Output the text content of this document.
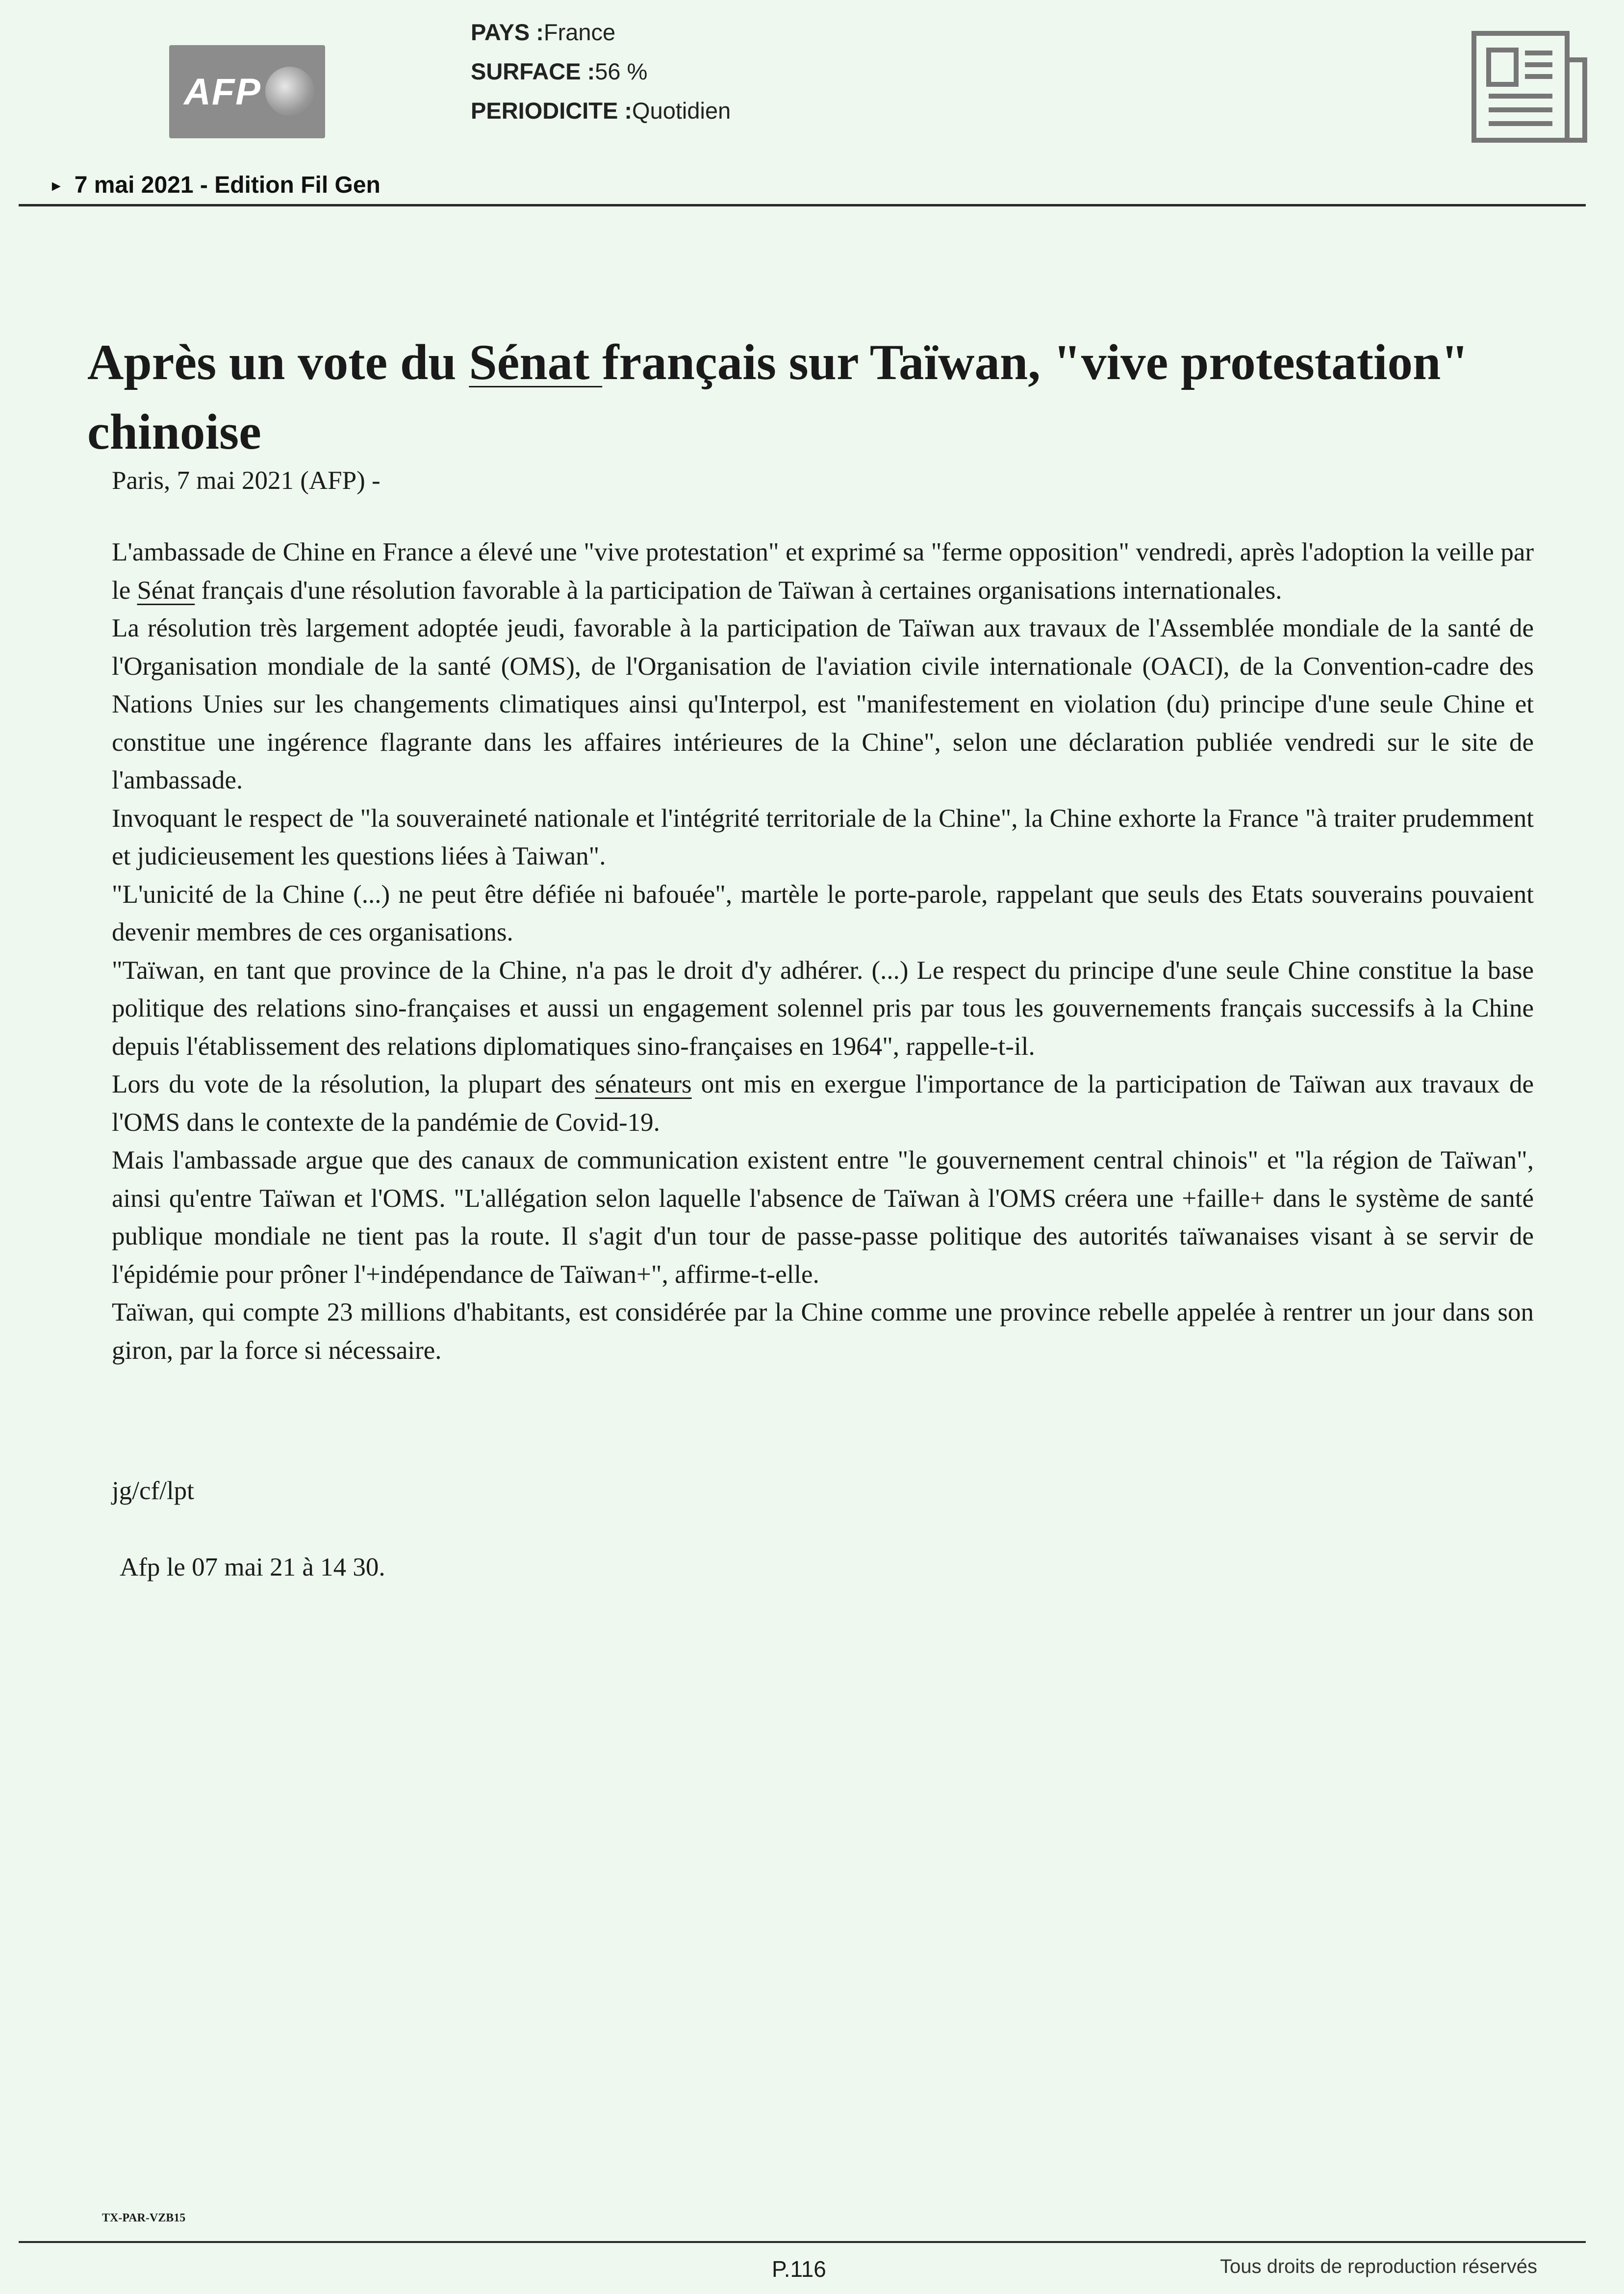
AFP
PAYS :France
SURFACE :56 %
PERIODICITE :Quotidien
► 7 mai 2021 - Edition Fil Gen
Après un vote du Sénat français sur Taïwan, "vive protestation" chinoise
Paris, 7 mai 2021 (AFP) -

L'ambassade de Chine en France a élevé une "vive protestation" et exprimé sa "ferme opposition" vendredi, après l'adoption la veille par le Sénat français d'une résolution favorable à la participation de Taïwan à certaines organisations internationales.

La résolution très largement adoptée jeudi, favorable à la participation de Taïwan aux travaux de l'Assemblée mondiale de la santé de l'Organisation mondiale de la santé (OMS), de l'Organisation de l'aviation civile internationale (OACI), de la Convention-cadre des Nations Unies sur les changements climatiques ainsi qu'Interpol, est "manifestement en violation (du) principe d'une seule Chine et constitue une ingérence flagrante dans les affaires intérieures de la Chine", selon une déclaration publiée vendredi sur le site de l'ambassade.

Invoquant le respect de "la souveraineté nationale et l'intégrité territoriale de la Chine", la Chine exhorte la France "à traiter prudemment et judicieusement les questions liées à Taiwan".

"L'unicité de la Chine (...) ne peut être défiée ni bafouée", martèle le porte-parole, rappelant que seuls des Etats souverains pouvaient devenir membres de ces organisations.

"Taïwan, en tant que province de la Chine, n'a pas le droit d'y adhérer. (...) Le respect du principe d'une seule Chine constitue la base politique des relations sino-françaises et aussi un engagement solennel pris par tous les gouvernements français successifs à la Chine depuis l'établissement des relations diplomatiques sino-françaises en 1964", rappelle-t-il.

Lors du vote de la résolution, la plupart des sénateurs ont mis en exergue l'importance de la participation de Taïwan aux travaux de l'OMS dans le contexte de la pandémie de Covid-19.

Mais l'ambassade argue que des canaux de communication existent entre "le gouvernement central chinois" et "la région de Taïwan", ainsi qu'entre Taïwan et l'OMS. "L'allégation selon laquelle l'absence de Taïwan à l'OMS créera une +faille+ dans le système de santé publique mondiale ne tient pas la route. Il s'agit d'un tour de passe-passe politique des autorités taïwanaises visant à se servir de l'épidémie pour prôner l'+indépendance de Taïwan+", affirme-t-elle.

Taïwan, qui compte 23 millions d'habitants, est considérée par la Chine comme une province rebelle appelée à rentrer un jour dans son giron, par la force si nécessaire.

jg/cf/lpt
Afp le 07 mai 21 à 14 30.
TX-PAR-VZB15
P.116	Tous droits de reproduction réservés
